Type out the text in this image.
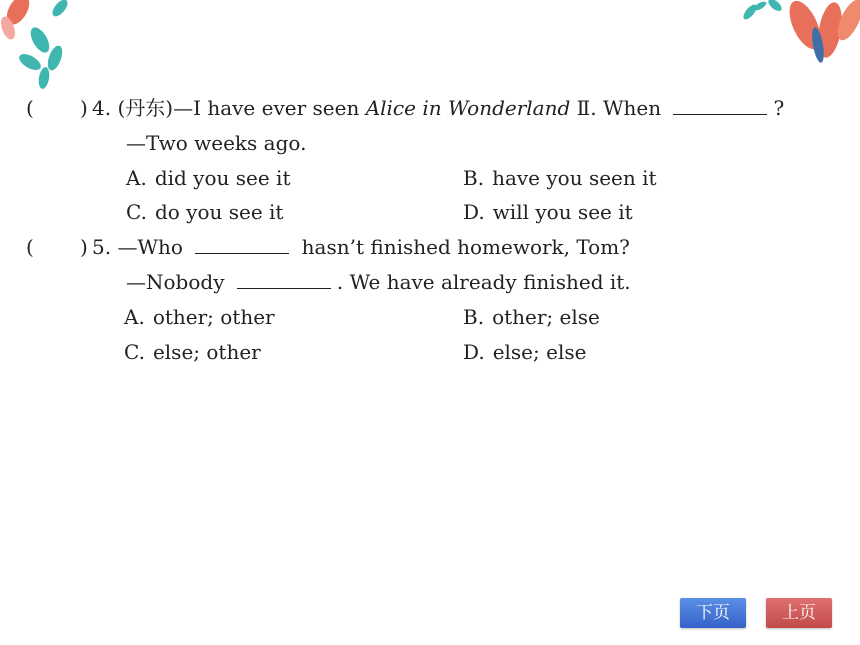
( ) 4. (丹东)—I have ever seen Alice in Wonderland Ⅱ. When	?
—Two weeks ago.
A. did you see it	B. have you seen it
C. do you see it	D. will you see it
( ) 5. —Who	hasn’t finished homework, Tom?
—Nobody	. We have already finished it.
A. other; other	B. other; else
C. else; other	D. else; else
下页	上页
